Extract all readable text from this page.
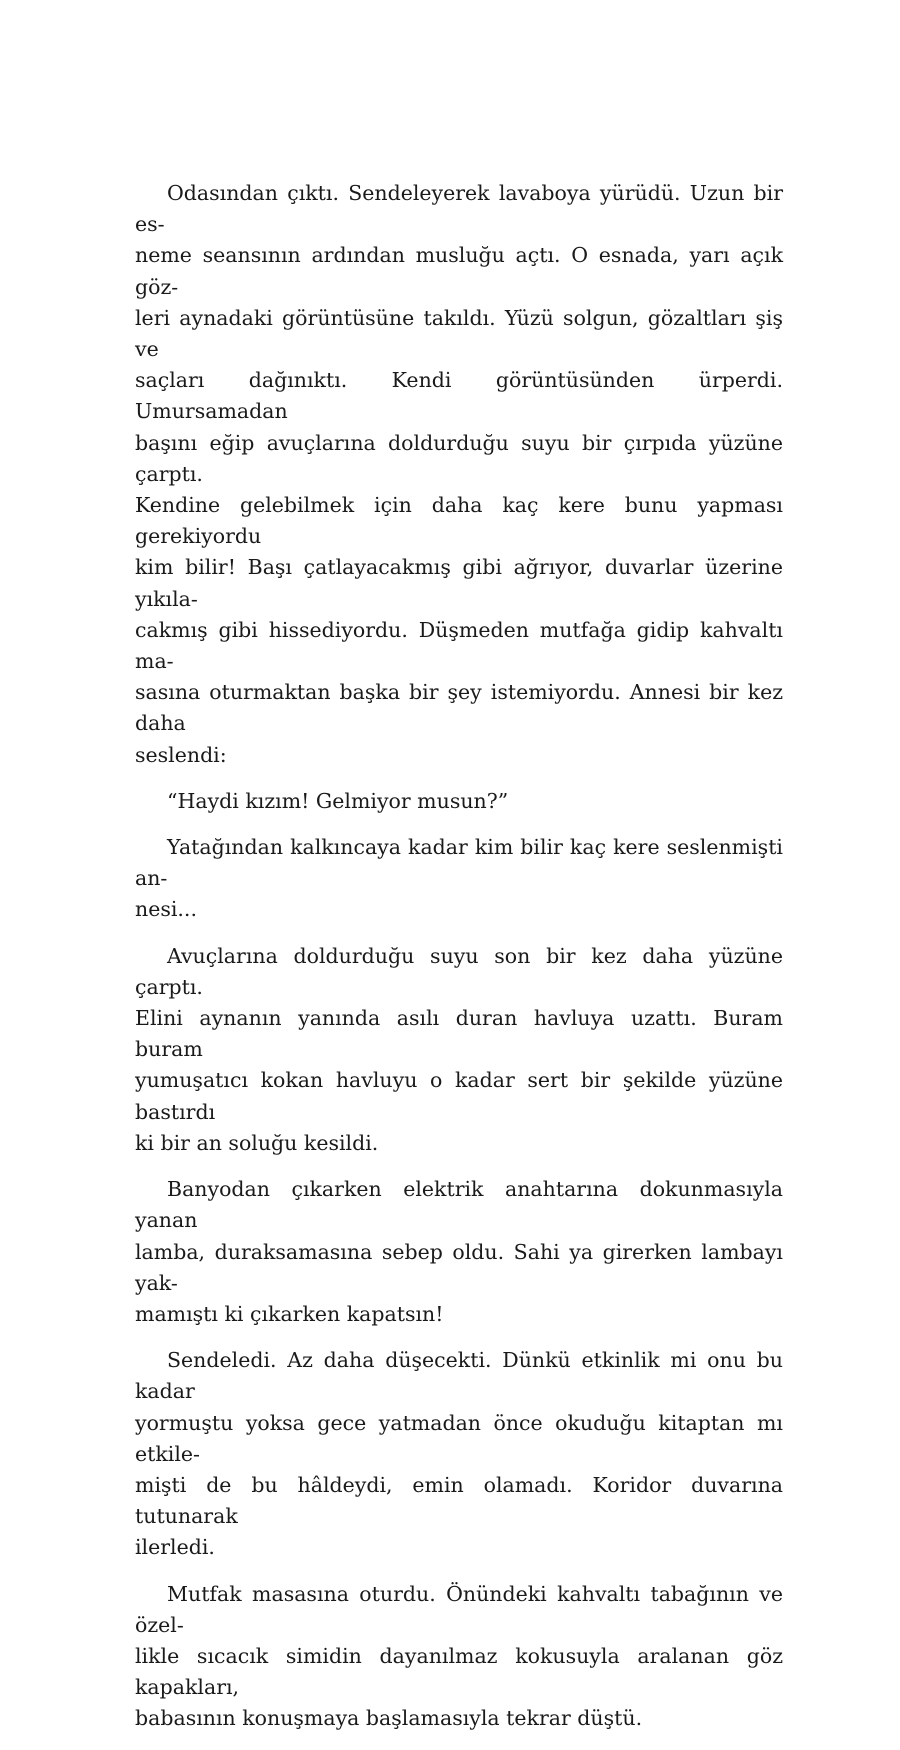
Odasından çıktı. Sendeleyerek lavaboya yürüdü. Uzun bir es-
neme seansının ardından musluğu açtı. O esnada, yarı açık göz-
leri aynadaki görüntüsüne takıldı. Yüzü solgun, gözaltları şiş ve
saçları dağınıktı. Kendi görüntüsünden ürperdi. Umursamadan
başını eğip avuçlarına doldurduğu suyu bir çırpıda yüzüne çarptı.
Kendine gelebilmek için daha kaç kere bunu yapması gerekiyordu
kim bilir! Başı çatlayacakmış gibi ağrıyor, duvarlar üzerine yıkıla-
cakmış gibi hissediyordu. Düşmeden mutfağa gidip kahvaltı ma-
sasına oturmaktan başka bir şey istemiyordu. Annesi bir kez daha
seslendi:

“Haydi kızım! Gelmiyor musun?”

Yatağından kalkıncaya kadar kim bilir kaç kere seslenmişti an-
nesi...

Avuçlarına doldurduğu suyu son bir kez daha yüzüne çarptı.
Elini aynanın yanında asılı duran havluya uzattı. Buram buram
yumuşatıcı kokan havluyu o kadar sert bir şekilde yüzüne bastırdı
ki bir an soluğu kesildi.

Banyodan çıkarken elektrik anahtarına dokunmasıyla yanan
lamba, duraksamasına sebep oldu. Sahi ya girerken lambayı yak-
mamıştı ki çıkarken kapatsın!

Sendeledi. Az daha düşecekti. Dünkü etkinlik mi onu bu kadar
yormuştu yoksa gece yatmadan önce okuduğu kitaptan mı etkile-
mişti de bu hâldeydi, emin olamadı. Koridor duvarına tutunarak
ilerledi.

Mutfak masasına oturdu. Önündeki kahvaltı tabağının ve özel-
likle sıcacık simidin dayanılmaz kokusuyla aralanan göz kapakları,
babasının konuşmaya başlamasıyla tekrar düştü.
